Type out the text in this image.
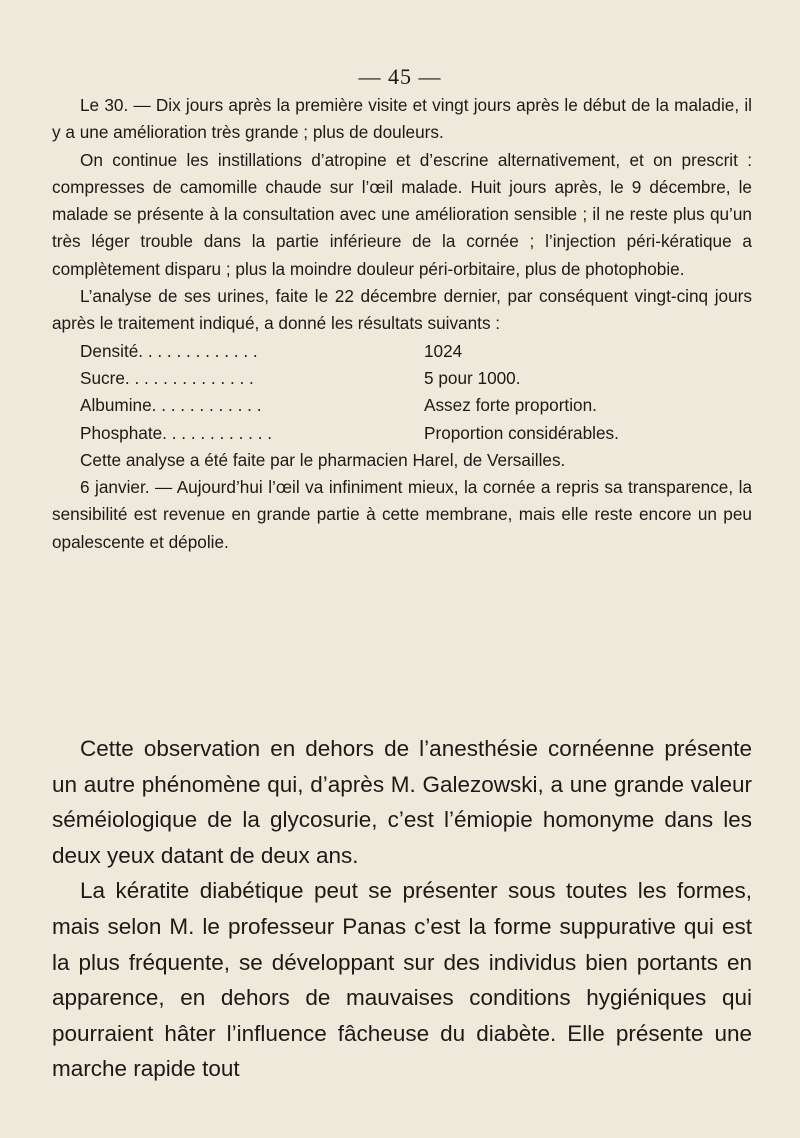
— 45 —

Le 30. — Dix jours après la première visite et vingt jours après le début de la maladie, il y a une amélioration très grande ; plus de douleurs.

On continue les instillations d’atropine et d’escrine alternativement, et on prescrit : compresses de camomille chaude sur l’œil malade. Huit jours après, le 9 décembre, le malade se présente à la consultation avec une amélioration sensible ; il ne reste plus qu’un très léger trouble dans la partie inférieure de la cornée ; l’injection péri-kératique a complètement disparu ; plus la moindre douleur péri-orbitaire, plus de photophobie.

L’analyse de ses urines, faite le 22 décembre dernier, par conséquent vingt-cinq jours après le traitement indiqué, a donné les résultats suivants :

Densité. . . . . . . . . . . . .	1024
Sucre. . . . . . . . . . . . . .	5 pour 1000.
Albumine. . . . . . . . . . . .	Assez forte proportion.
Phosphate. . . . . . . . . . . .	Proportion considérables.

Cette analyse a été faite par le pharmacien Harel, de Versailles.

6 janvier. — Aujourd’hui l’œil va infiniment mieux, la cornée a repris sa transparence, la sensibilité est revenue en grande partie à cette membrane, mais elle reste encore un peu opalescente et dépolie.

Cette observation en dehors de l’anesthésie cornéenne présente un autre phénomène qui, d’après M. Galezowski, a une grande valeur séméiologique de la glycosurie, c’est l’émiopie homonyme dans les deux yeux datant de deux ans.

La kératite diabétique peut se présenter sous toutes les formes, mais selon M. le professeur Panas c’est la forme suppurative qui est la plus fréquente, se développant sur des individus bien portants en apparence, en dehors de mauvaises conditions hygiéniques qui pourraient hâter l’influence fâcheuse du diabète. Elle présente une marche rapide tout
